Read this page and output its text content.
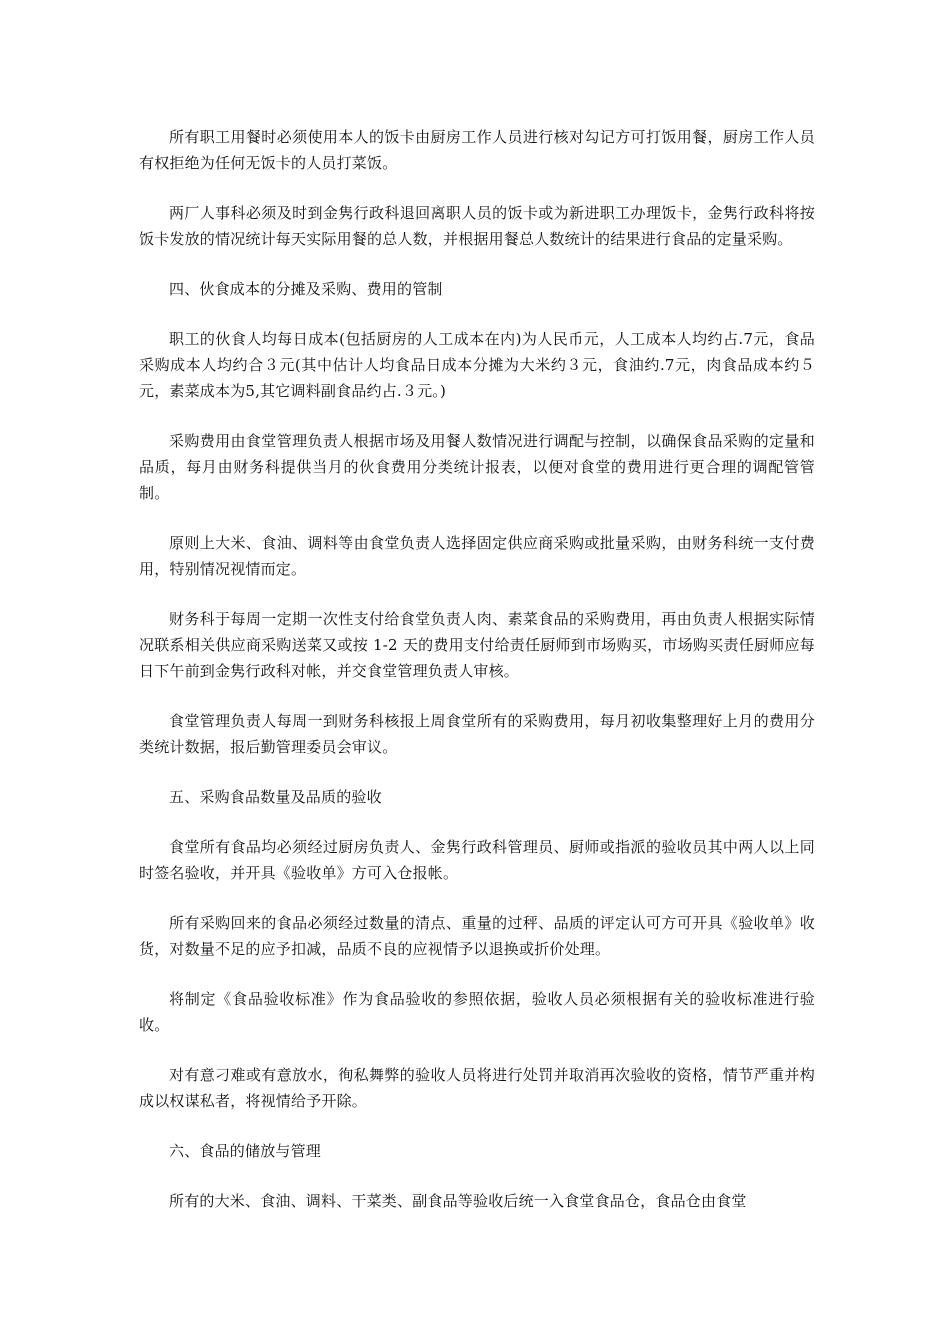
所有职工用餐时必须使用本人的饭卡由厨房工作人员进行核对勾记方可打饭用餐，厨房工作人员有权拒绝为任何无饭卡的人员打菜饭。

两厂人事科必须及时到金隽行政科退回离职人员的饭卡或为新进职工办理饭卡，金隽行政科将按饭卡发放的情况统计每天实际用餐的总人数，并根据用餐总人数统计的结果进行食品的定量采购。

四、伙食成本的分摊及采购、费用的管制

职工的伙食人均每日成本(包括厨房的人工成本在内)为人民币元，人工成本人均约占.7元，食品采购成本人均约合３元(其中估计人均食品日成本分摊为大米约３元，食油约.7元，肉食品成本约５元，素菜成本为5,其它调料副食品约占.３元。)

采购费用由食堂管理负责人根据市场及用餐人数情况进行调配与控制，以确保食品采购的定量和品质，每月由财务科提供当月的伙食费用分类统计报表，以便对食堂的费用进行更合理的调配管管制。

原则上大米、食油、调料等由食堂负责人选择固定供应商采购或批量采购，由财务科统一支付费用，特别情况视情而定。

财务科于每周一定期一次性支付给食堂负责人肉、素菜食品的采购费用，再由负责人根据实际情况联系相关供应商采购送菜又或按 1-2 天的费用支付给责任厨师到市场购买，市场购买责任厨师应每日下午前到金隽行政科对帐，并交食堂管理负责人审核。

食堂管理负责人每周一到财务科核报上周食堂所有的采购费用，每月初收集整理好上月的费用分类统计数据，报后勤管理委员会审议。

五、采购食品数量及品质的验收

食堂所有食品均必须经过厨房负责人、金隽行政科管理员、厨师或指派的验收员其中两人以上同时签名验收，并开具《验收单》方可入仓报帐。

所有采购回来的食品必须经过数量的清点、重量的过秤、品质的评定认可方可开具《验收单》收货，对数量不足的应予扣减，品质不良的应视情予以退换或折价处理。

将制定《食品验收标准》作为食品验收的参照依据，验收人员必须根据有关的验收标准进行验收。

对有意刁难或有意放水，徇私舞弊的验收人员将进行处罚并取消再次验收的资格，情节严重并构成以权谋私者，将视情给予开除。

六、食品的储放与管理

所有的大米、食油、调料、干菜类、副食品等验收后统一入食堂食品仓，食品仓由食堂
